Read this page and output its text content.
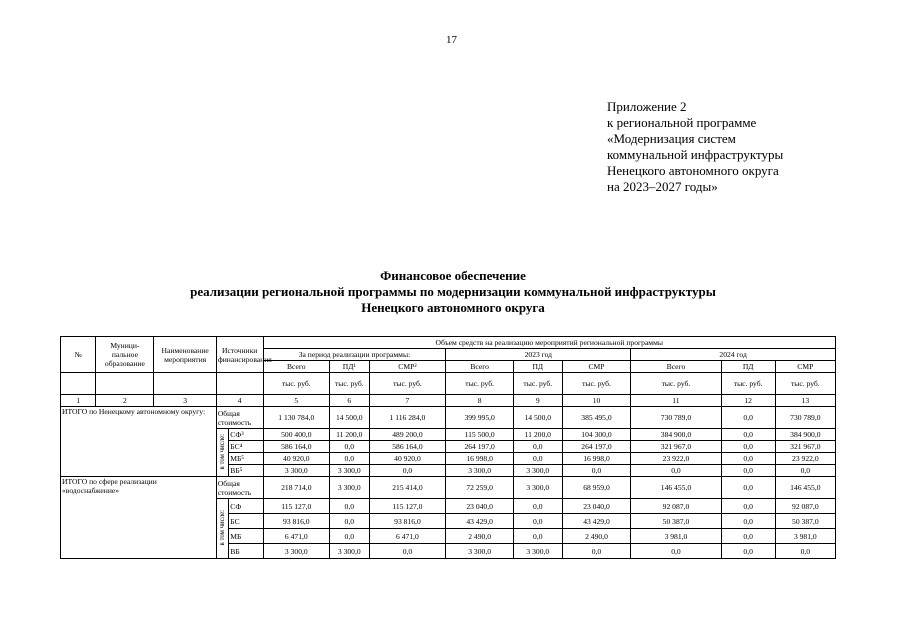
17
Приложение 2
к региональной программе
«Модернизация систем
коммунальной инфраструктуры
Ненецкого автономного округа
на 2023–2027 годы»
Финансовое обеспечение
реализации региональной программы по модернизации коммунальной инфраструктуры
Ненецкого автономного округа
№	Муници-пальное образование	Наименование мероприятия	Источники финансирования		Объем средств на реализацию мероприятий региональной программы								
					За период реализации программы:			2023 год			2024 год		
					Всего	ПД¹	СМР²	Всего	ПД	СМР	Всего	ПД	СМР
					тыс. руб.	тыс. руб.	тыс. руб.	тыс. руб.	тыс. руб.	тыс. руб.	тыс. руб.	тыс. руб.	тыс. руб.
1	2	3	4		5	6	7	8	9	10	11	12	13
ИТОГО по Ненецкому автономному округу:			Общая стоимость		1 130 784,0	14 500,0	1 116 284,0	399 995,0	14 500,0	385 495,0	730 789,0	0,0	730 789,0
			в том числе:	СФ³	500 400,0	11 200,0	489 200,0	115 500,0	11 200,0	104 300,0	384 900,0	0,0	384 900,0
				БС⁴	586 164,0	0,0	586 164,0	264 197,0	0,0	264 197,0	321 967,0	0,0	321 967,0
				МБ⁵	40 920,0	0,0	40 920,0	16 998,0	0,0	16 998,0	23 922,0	0,0	23 922,0
				ВБ⁵	3 300,0	3 300,0	0,0	3 300,0	3 300,0	0,0	0,0	0,0	0,0
ИТОГО по сфере реализации «водоснабжение»			Общая стоимость		218 714,0	3 300,0	215 414,0	72 259,0	3 300,0	68 959,0	146 455,0	0,0	146 455,0
			в том числе:	СФ	115 127,0	0,0	115 127,0	23 040,0	0,0	23 040,0	92 087,0	0,0	92 087,0
				БС	93 816,0	0,0	93 816,0	43 429,0	0,0	43 429,0	50 387,0	0,0	50 387,0
				МБ	6 471,0	0,0	6 471,0	2 490,0	0,0	2 490,0	3 981,0	0,0	3 981,0
				ВБ	3 300,0	3 300,0	0,0	3 300,0	3 300,0	0,0	0,0	0,0	0,0
